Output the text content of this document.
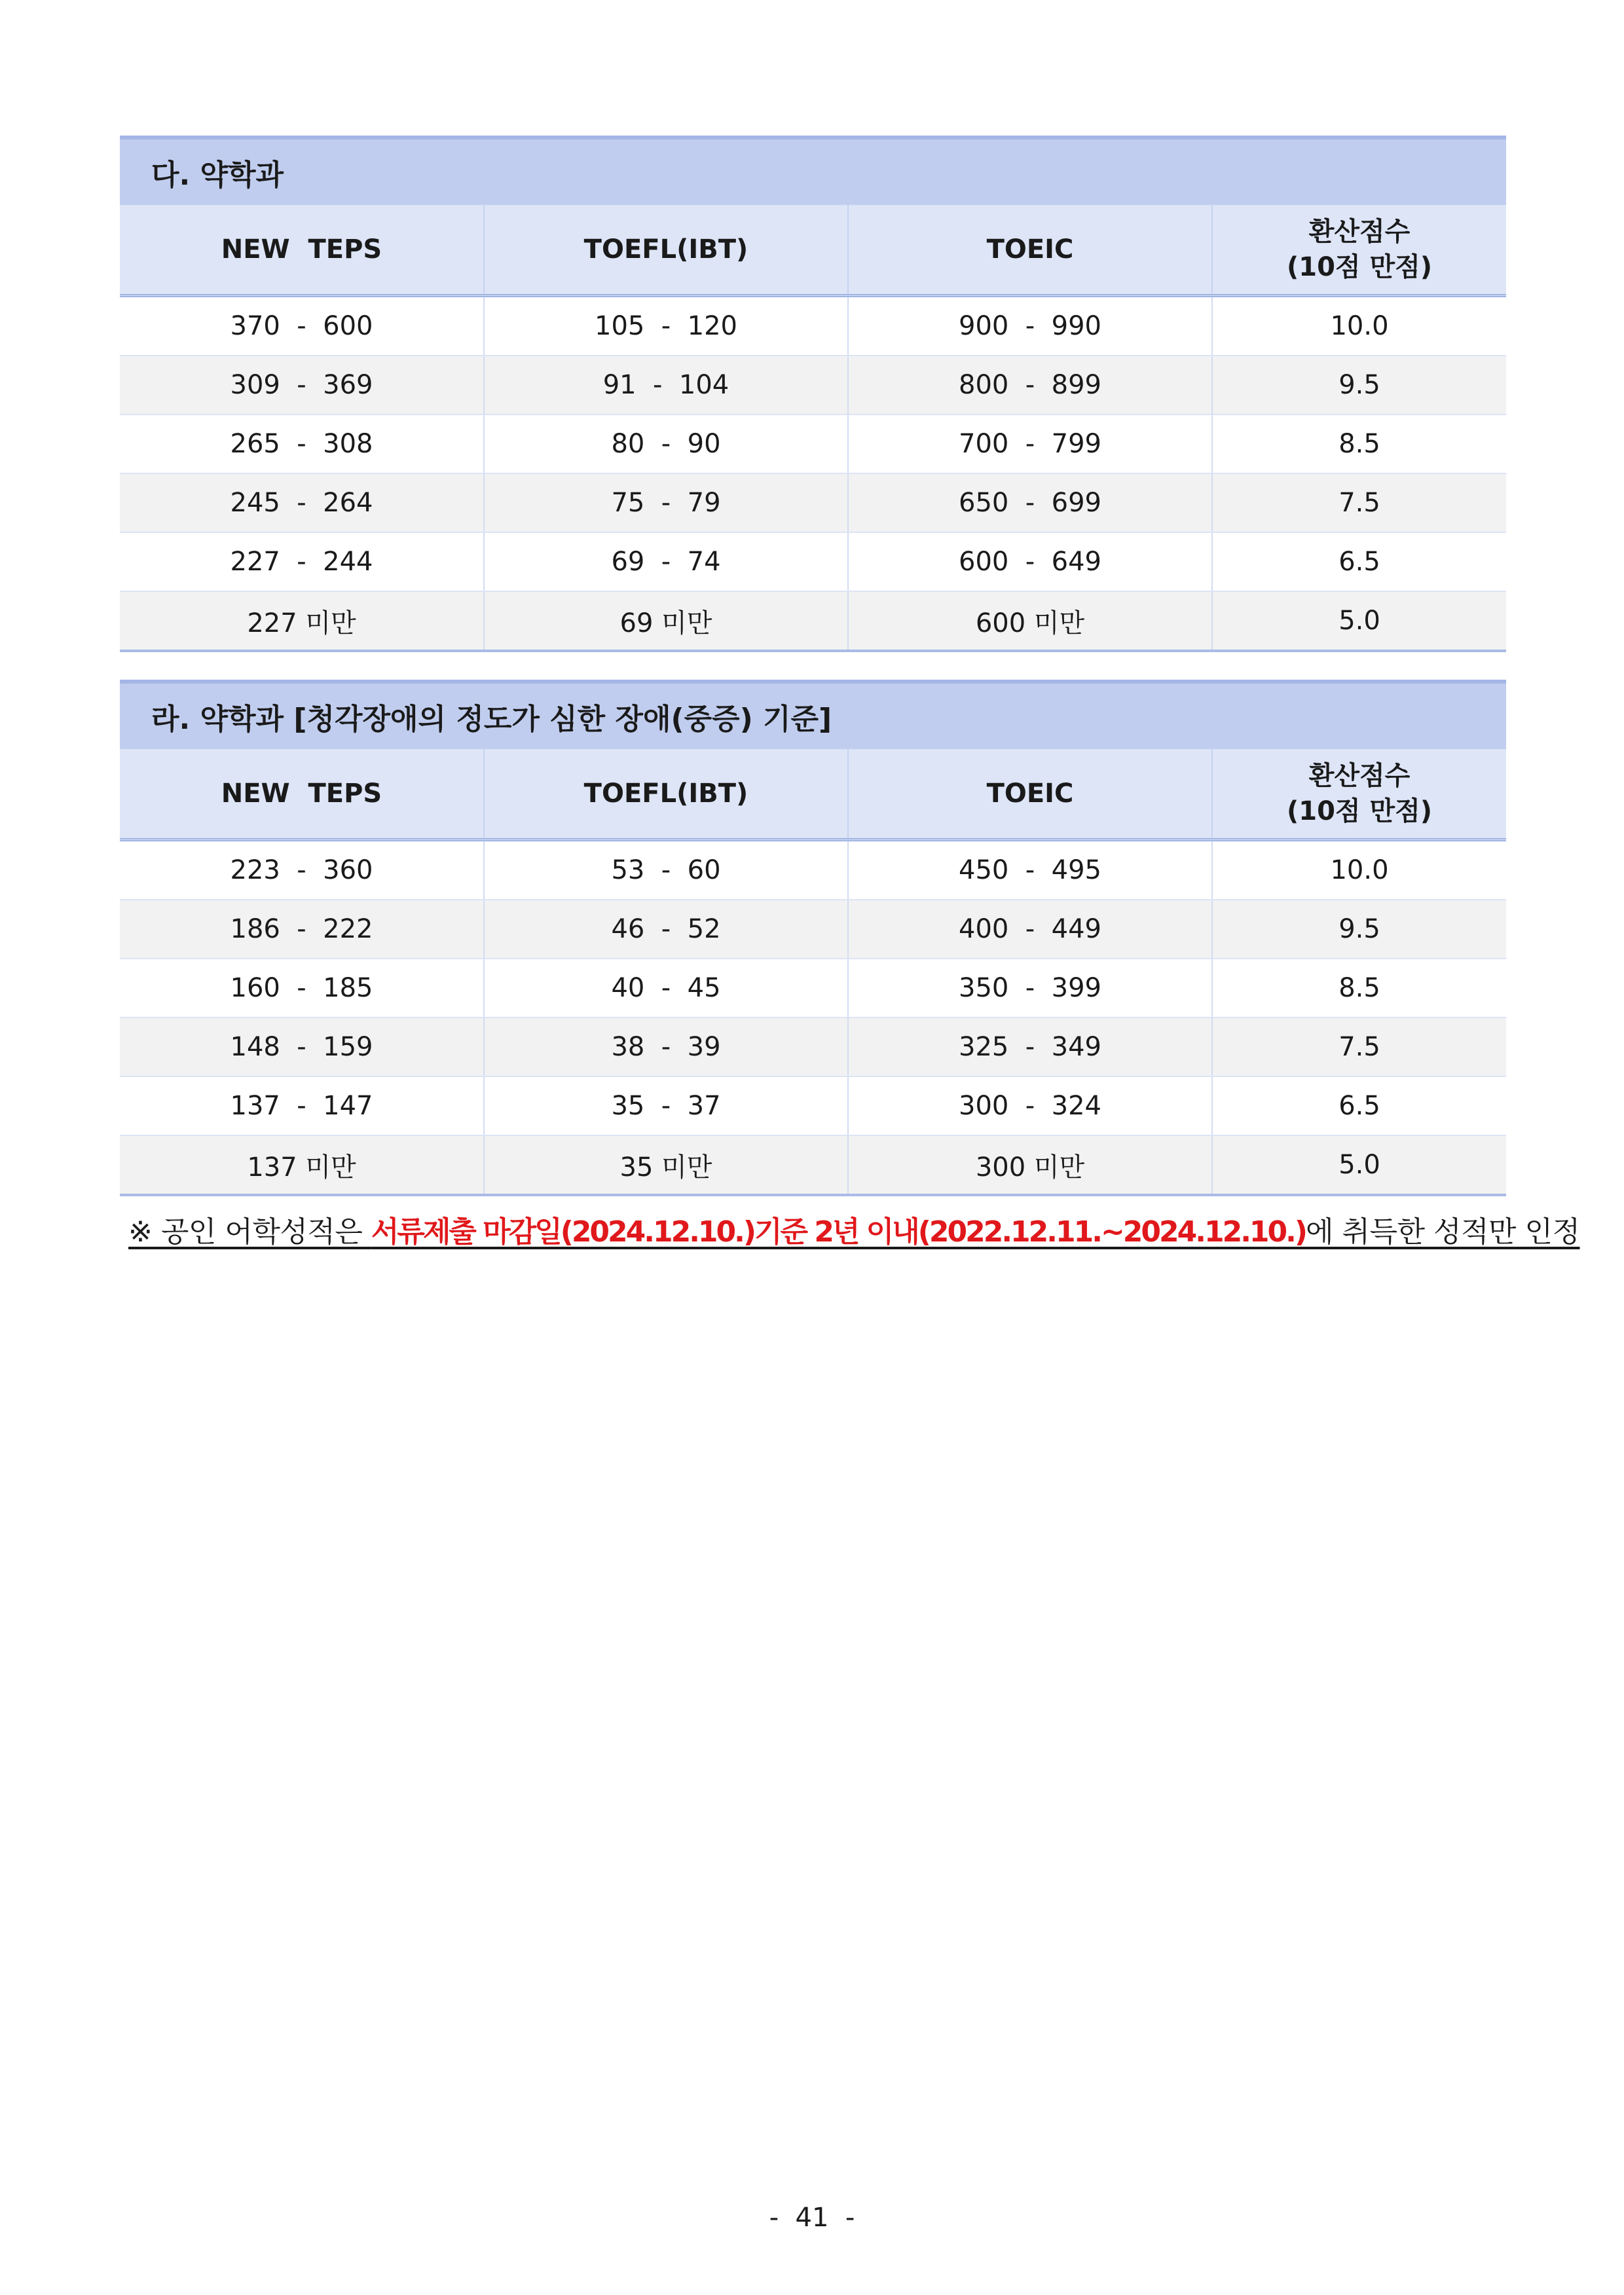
다. 약학과			

NEW  TEPS	TOEFL(IBT)	TOEIC	환산점수
(10점 만점)

370  -  600	105  -  120	900  -  990	10.0
309  -  369	91  -  104	800  -  899	9.5
265  -  308	80  -  90	700  -  799	8.5
245  -  264	75  -  79	650  -  699	7.5
227  -  244	69  -  74	600  -  649	6.5
227 미만	69 미만	600 미만	5.0
라. 약학과 [청각장애의 정도가 심한 장애(중증) 기준]			

NEW  TEPS	TOEFL(IBT)	TOEIC	환산점수
(10점 만점)

223  -  360	53  -  60	450  -  495	10.0
186  -  222	46  -  52	400  -  449	9.5
160  -  185	40  -  45	350  -  399	8.5
148  -  159	38  -  39	325  -  349	7.5
137  -  147	35  -  37	300  -  324	6.5
137 미만	35 미만	300 미만	5.0
※ 공인 어학성적은 서류제출 마감일(2024.12.10.)기준 2년 이내(2022.12.11.~2024.12.10.)에 취득한 성적만 인정
-  41  -
